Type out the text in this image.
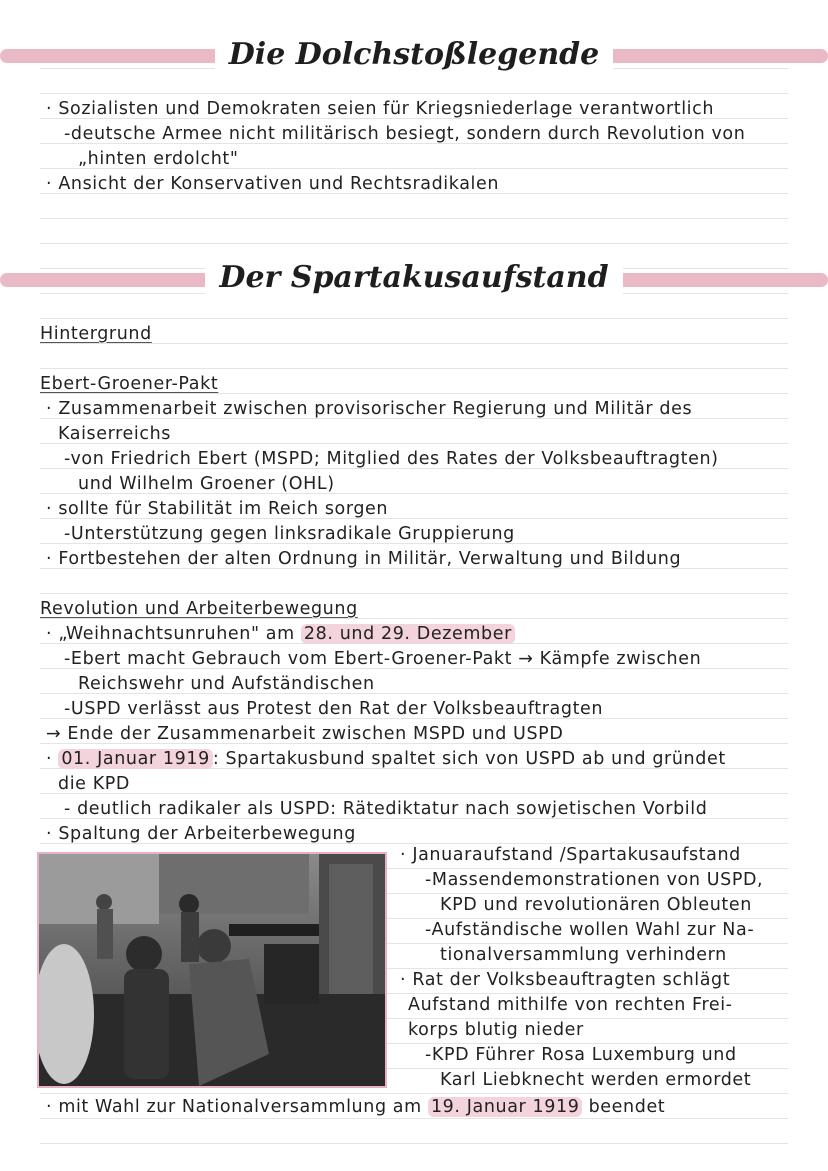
Die Dolchstoßlegende
· Sozialisten und Demokraten seien für Kriegsniederlage verantwortlich
-deutsche Armee nicht militärisch besiegt, sondern durch Revolution von
„hinten erdolcht"
· Ansicht der Konservativen und Rechtsradikalen
Der Spartakusaufstand
Hintergrund
Ebert-Groener-Pakt
· Zusammenarbeit zwischen provisorischer Regierung und Militär des
Kaiserreichs
-von Friedrich Ebert (MSPD; Mitglied des Rates der Volksbeauftragten)
und Wilhelm Groener (OHL)
· sollte für Stabilität im Reich sorgen
-Unterstützung gegen linksradikale Gruppierung
· Fortbestehen der alten Ordnung in Militär, Verwaltung und Bildung
Revolution und Arbeiterbewegung
· „Weihnachtsunruhen" am 28. und 29. Dezember
-Ebert macht Gebrauch vom Ebert-Groener-Pakt → Kämpfe zwischen
Reichswehr und Aufständischen
-USPD verlässt aus Protest den Rat der Volksbeauftragten
→ Ende der Zusammenarbeit zwischen MSPD und USPD
· 01. Januar 1919 : Spartakusbund spaltet sich von USPD ab und gründet
die KPD
- deutlich radikaler als USPD: Rätediktatur nach sowjetischen Vorbild
· Spaltung der Arbeiterbewegung
· Januaraufstand /Spartakusaufstand
-Massendemonstrationen von USPD,
KPD und revolutionären Obleuten
-Aufständische wollen Wahl zur Na-
tionalversammlung verhindern
· Rat der Volksbeauftragten schlägt
Aufstand mithilfe von rechten Frei-
korps blutig nieder
-KPD Führer Rosa Luxemburg und
Karl Liebknecht werden ermordet
· mit Wahl zur Nationalversammlung am 19. Januar 1919 beendet
